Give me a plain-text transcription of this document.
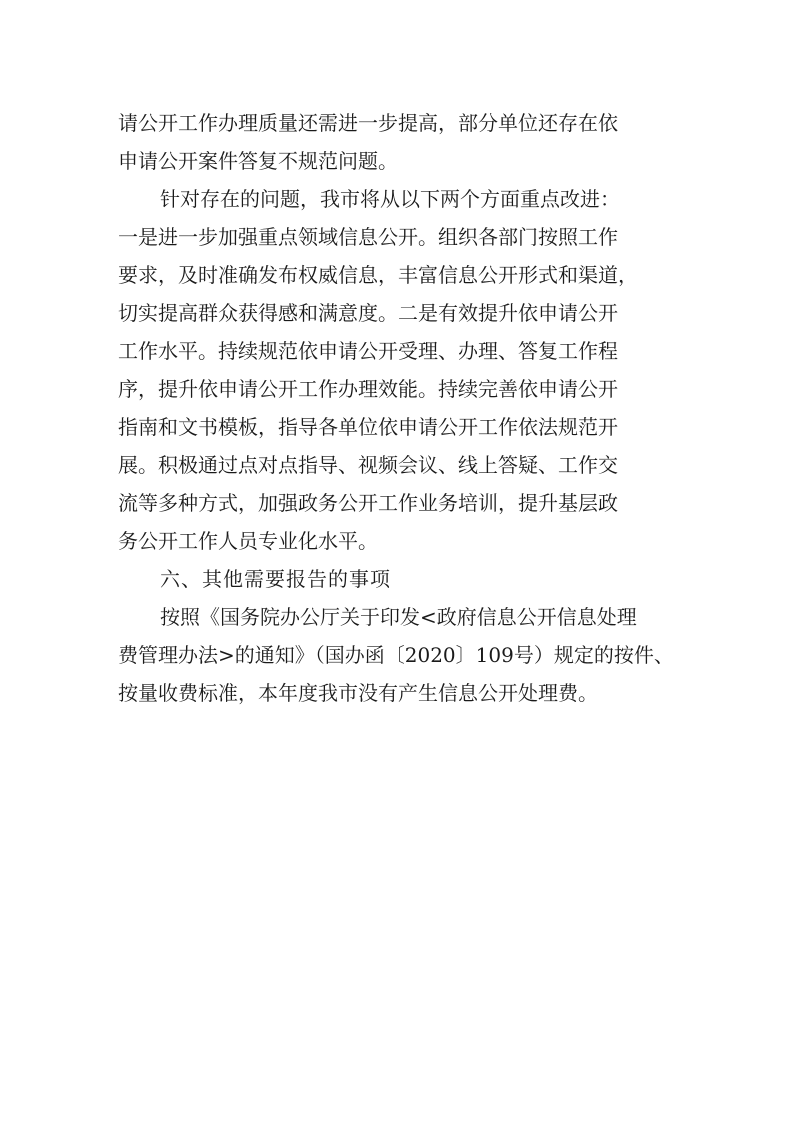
请公开工作办理质量还需进一步提高，部分单位还存在依
申请公开案件答复不规范问题。
针对存在的问题，我市将从以下两个方面重点改进：
一是进一步加强重点领域信息公开。组织各部门按照工作
要求，及时准确发布权威信息，丰富信息公开形式和渠道，
切实提高群众获得感和满意度。二是有效提升依申请公开
工作水平。持续规范依申请公开受理、办理、答复工作程
序，提升依申请公开工作办理效能。持续完善依申请公开
指南和文书模板，指导各单位依申请公开工作依法规范开
展。积极通过点对点指导、视频会议、线上答疑、工作交
流等多种方式，加强政务公开工作业务培训，提升基层政
务公开工作人员专业化水平。
六、其他需要报告的事项
按照《国务院办公厅关于印发<政府信息公开信息处理
费管理办法>的通知》（国办函〔2020〕109号）规定的按件、
按量收费标准，本年度我市没有产生信息公开处理费。
